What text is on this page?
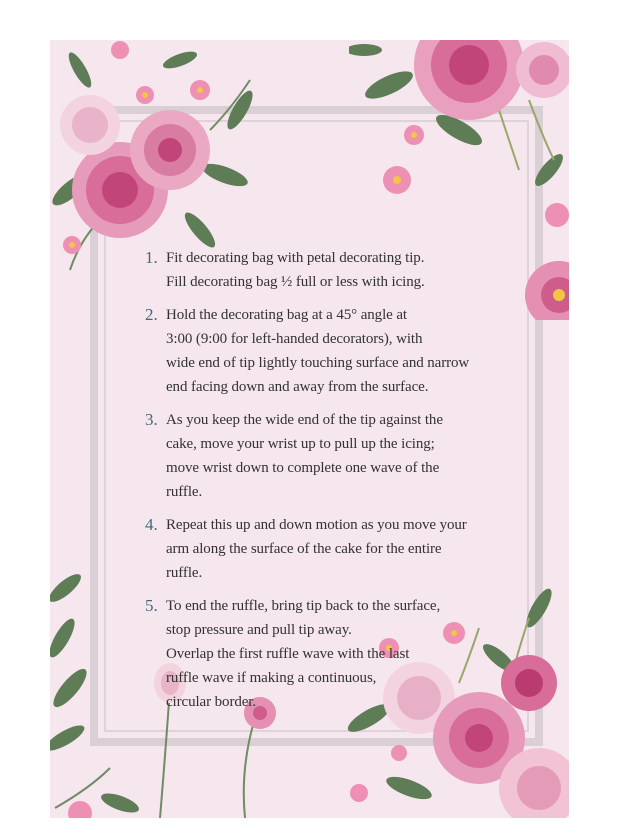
1. Fit decorating bag with petal decorating tip.
Fill decorating bag ½ full or less with icing.
2. Hold the decorating bag at a 45° angle at
3:00 (9:00 for left-handed decorators), with
wide end of tip lightly touching surface and narrow
end facing down and away from the surface.
3. As you keep the wide end of the tip against the
cake, move your wrist up to pull up the icing;
move wrist down to complete one wave of the
ruffle.
4. Repeat this up and down motion as you move your
arm along the surface of the cake for the entire
ruffle.
5. To end the ruffle, bring tip back to the surface,
stop pressure and pull tip away.
Overlap the first ruffle wave with the last
ruffle wave if making a continuous,
circular border.
